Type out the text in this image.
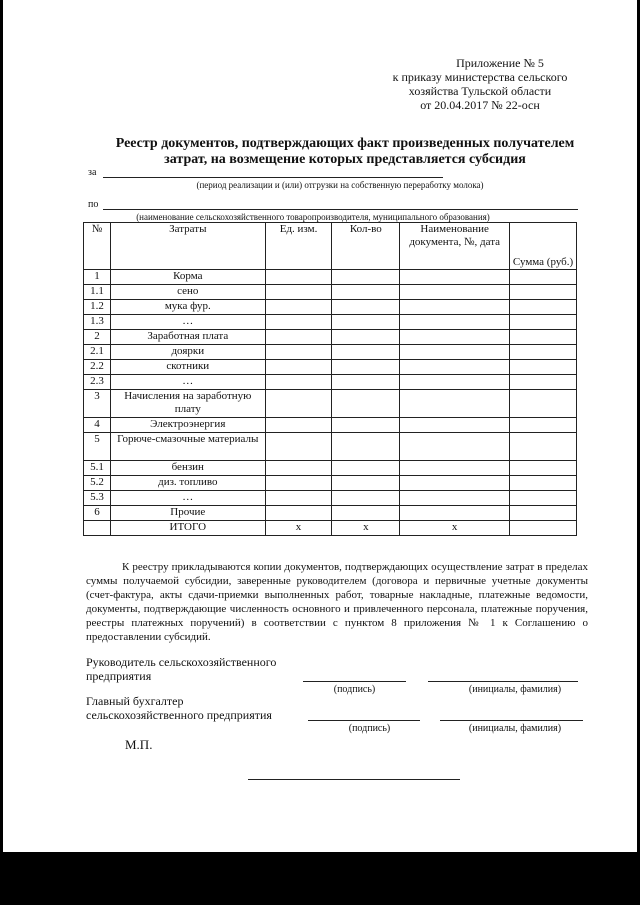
Приложение № 5
к приказу министерства сельского
хозяйства Тульской области
от 20.04.2017 № 22-осн
Реестр документов, подтверждающих факт произведенных получателем
затрат, на возмещение которых представляется субсидия
за
(период реализации и (или) отгрузки на собственную переработку молока)
по
(наименование сельскохозяйственного товаропроизводителя, муниципального образования)
№	Затраты	Ед. изм.	Кол-во	Наименование документа, №, дата	Сумма (руб.)
1	Корма				
1.1	сено				
1.2	мука фур.				
1.3	…				
2	Заработная плата				
2.1	доярки				
2.2	скотники				
2.3	…				
3	Начисления на заработную плату				
4	Электроэнергия				
5	Горюче-смазочные материалы				
5.1	бензин				
5.2	диз. топливо				
5.3	…				
6	Прочие				
	ИТОГО	х	х	х	
К реестру прикладываются копии документов, подтверждающих осуществление затрат в пределах суммы получаемой субсидии, заверенные руководителем (договора и первичные учетные документы (счет-фактура, акты сдачи-приемки выполненных работ, товарные накладные, платежные ведомости, документы, подтверждающие численность основного и привлеченного персонала, платежные поручения, реестры платежных поручений) в соответствии с пунктом 8 приложения № 1 к Соглашению о предоставлении субсидий.
Руководитель сельскохозяйственного
предприятия
(подпись)	(инициалы, фамилия)
Главный бухгалтер
сельскохозяйственного предприятия
(подпись)	(инициалы, фамилия)
М.П.
